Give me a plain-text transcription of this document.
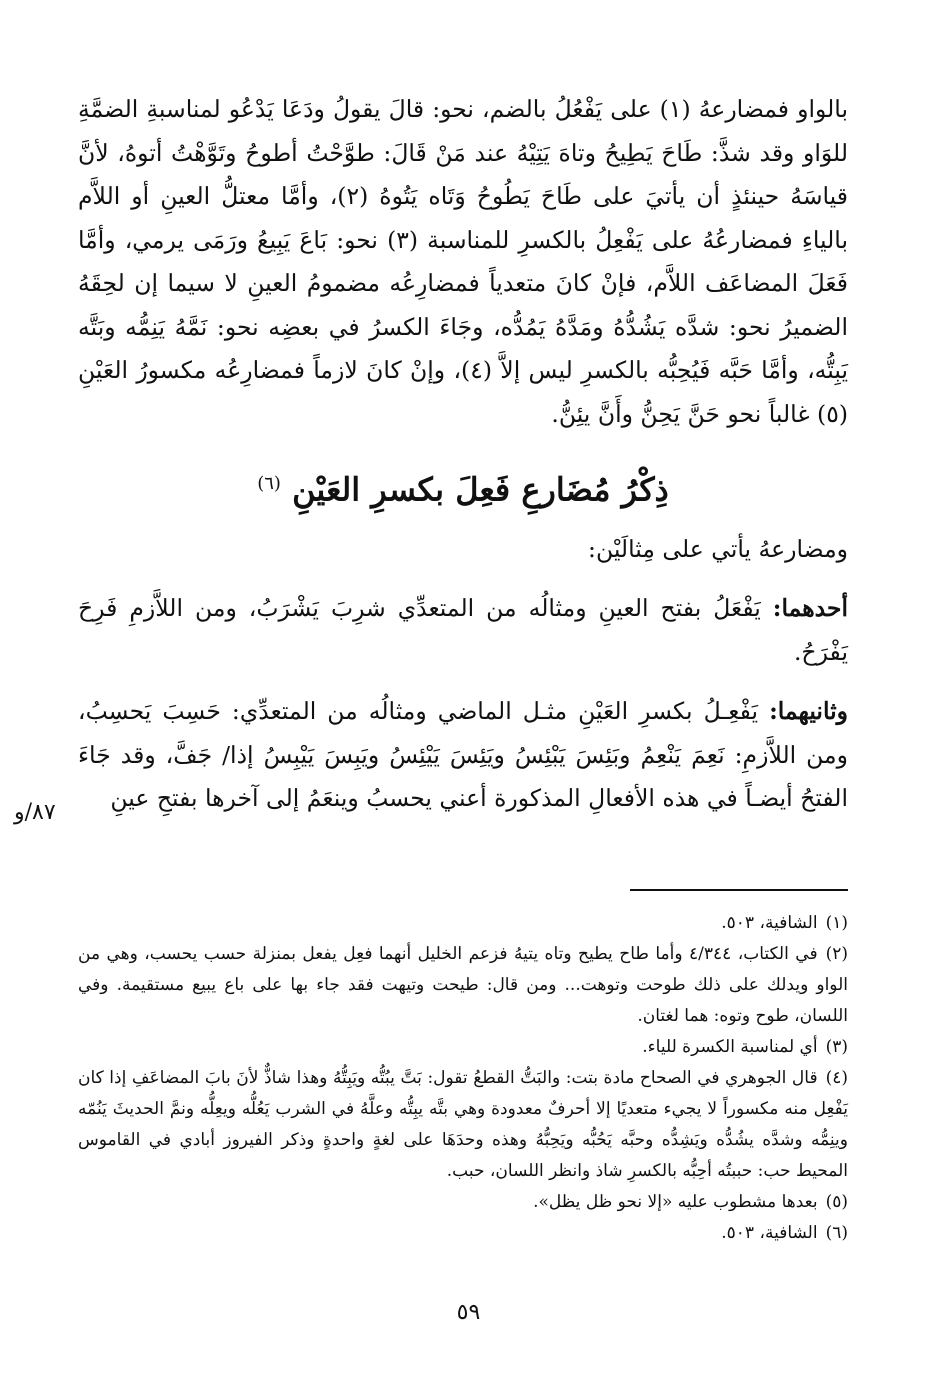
بالواو فمضارعهُ (١) على يَفْعُلُ بالضم، نحو: قالَ يقولُ ودَعَا يَدْعُو لمناسبةِ الضمَّةِ للوَاو وقد شذَّ: طَاحَ يَطِيحُ وتاهَ يَتِيْهُ عند مَنْ قَالَ: طوَّحْتُ أطوحُ وتَوَّهْتُ أتوهُ، لأنَّ قياسَهُ حينئذٍ أن يأتيَ على طَاحَ يَطُوحُ وَتَاه يَتُوهُ (٢)، وأمَّا معتلُّ العينِ أو اللاَّم بالياءِ فمضارعُهُ على يَفْعِلُ بالكسرِ للمناسبة (٣) نحو: بَاعَ يَبِيعُ ورَمَى يرمي، وأمَّا فَعَلَ المضاعَف اللاَّم، فإنْ كانَ متعدياً فمضارِعُه مضمومُ العينِ لا سيما إن لحِقَهُ الضميرُ نحو: شدَّه يَشُدُّهُ ومَدَّهُ يَمُدُّه، وجَاءَ الكسرُ في بعضِه نحو: نَمَّهُ يَنِمُّه وبَتَّه يَبِتُّه، وأمَّا حَبَّه فَيُحِبُّه بالكسرِ ليس إلاَّ (٤)، وإنْ كانَ لازماً فمضارِعُه مكسورُ العَيْنِ (٥) غالباً نحو حَنَّ يَحِنُّ وأَنَّ يئِنُّ.

ذِكْرُ مُضَارعِ فَعِلَ بكسرِ العَيْنِ $^{(٦)}$

ومضارعهُ يأتي على مِثالَيْن:

أحدهما: يَفْعَلُ بفتح العينِ ومثالُه من المتعدِّي شرِبَ يَشْرَبُ، ومن اللاَّزمِ فَرِحَ يَفْرَحُ.

وثانيهما: يَفْعِـلُ بكسرِ العَيْنِ مثـل الماضي ومثالُه من المتعدِّي: حَسِبَ يَحسِبُ، ومن اللاَّزمِ: نَعِمَ يَنْعِمُ وبَئِسَ يَبْئِسُ ويَئِسَ يَيْئِسُ ويَبِسَ يَيْبِسُ إذا/ جَفَّ، وقد جَاءَ الفتحُ أيضـاً في هذه الأفعالِ المذكورة أعني يحسبُ وينعَمُ إلى آخرها بفتحِ عينِ

٨٧/و

(١)الشافية، ٥٠٣.

(٢)في الكتاب، ٤/٣٤٤ وأما طاح يطيح وتاه يتيهُ فزعم الخليل أنهما فعِل يفعل بمنزلة حسب يحسب، وهي من الواو ويدلك على ذلك طوحت وتوهت... ومن قال: طيحت وتيهت فقد جاء بها على باع يبيع مستقيمة. وفي اللسان، طوح وتوه: هما لغتان.

(٣)أي لمناسبة الكسرة للياء.

(٤)قال الجوهري في الصحاح مادة بتت: والبَتُّ القطعُ تقول: بَتَّ يبُتُّه ويَبِتُّهُ وهذا شاذٌّ لأنَ بابَ المضاعَفِ إذا كان يَفْعِل منه مكسوراً لا يجيء متعديًا إلا أحرفٌ معدودة وهي بتَّه يبِتُّه وعلَّهُ في الشرب يَعُلُّه ويعِلُّه ونمَّ الحديثَ يَنُمّه وينِمُّه وشدَّه يشُدُّه ويَشِدُّه وحبَّه يَحُبُّه ويَحِبُّهُ وهذه وحدَهَا على لغةٍ واحدةٍ وذكر الفيروز أبادي في القاموس المحيط حب: حببتُه أحِبُّه بالكسرِ شاذ وانظر اللسان، حبب.

(٥)بعدها مشطوب عليه «إلا نحو ظل يظل».

(٦)الشافية، ٥٠٣.

٥٩
